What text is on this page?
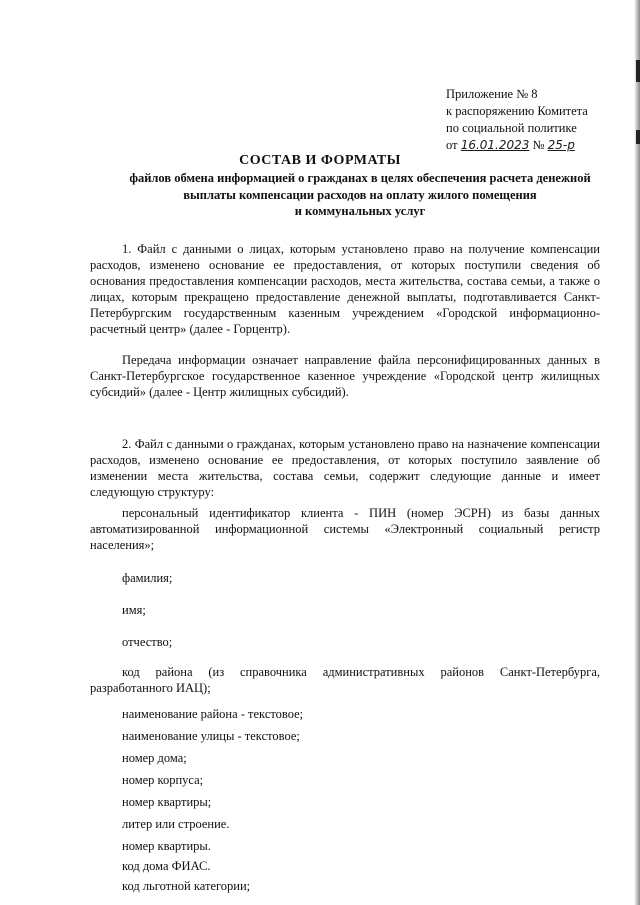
Приложение № 8
к распоряжению Комитета
по социальной политике
от 16.01.2023 № 25-р
СОСТАВ И ФОРМАТЫ
файлов обмена информацией о гражданах в целях обеспечения расчета денежной
выплаты компенсации расходов на оплату жилого помещения
и коммунальных услуг
1. Файл с данными о лицах, которым установлено право на получение компенсации расходов, изменено основание ее предоставления, от которых поступили сведения об основания предоставления компенсации расходов, места жительства, состава семьи, а также о лицах, которым прекращено предоставление денежной выплаты, подготавливается Санкт-Петербургским государственным казенным учреждением «Городской информационно-расчетный центр» (далее - Горцентр).
Передача информации означает направление файла персонифицированных данных в Санкт-Петербургское государственное казенное учреждение «Городской центр жилищных субсидий» (далее - Центр жилищных субсидий).
2. Файл с данными о гражданах, которым установлено право на назначение компенсации расходов, изменено основание ее предоставления, от которых поступило заявление об изменении места жительства, состава семьи, содержит следующие данные и имеет следующую структуру:
персональный идентификатор клиента - ПИН (номер ЭСРН) из базы данных автоматизированной информационной системы «Электронный социальный регистр населения»;
фамилия;
имя;
отчество;
код района (из справочника административных районов Санкт-Петербурга, разработанного ИАЦ);
наименование района - текстовое;
наименование улицы - текстовое;
номер дома;
номер корпуса;
номер квартиры;
литер или строение.
номер квартиры.
код дома ФИАС.
код льготной категории;
